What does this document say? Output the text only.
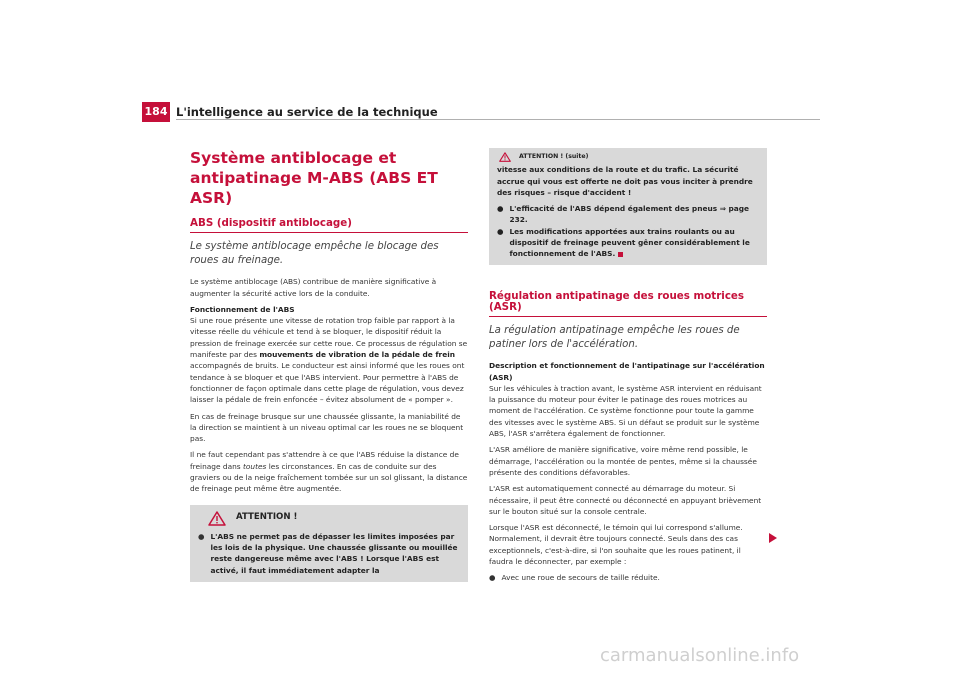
184 L'intelligence au service de la technique
Système antiblocage et antipatinage M-ABS (ABS ET ASR)
ABS (dispositif antiblocage)
Le système antiblocage empêche le blocage des roues au freinage.

Le système antiblocage (ABS) contribue de manière significative à augmenter la sécurité active lors de la conduite.

Fonctionnement de l'ABS

Si une roue présente une vitesse de rotation trop faible par rapport à la vitesse réelle du véhicule et tend à se bloquer, le dispositif réduit la pression de freinage exercée sur cette roue. Ce processus de régulation se manifeste par des mouvements de vibration de la pédale de frein accompagnés de bruits. Le conducteur est ainsi informé que les roues ont tendance à se bloquer et que l'ABS intervient. Pour permettre à l'ABS de fonctionner de façon optimale dans cette plage de régulation, vous devez laisser la pédale de frein enfoncée – évitez absolument de « pomper ».

En cas de freinage brusque sur une chaussée glissante, la maniabilité de la direction se maintient à un niveau optimal car les roues ne se bloquent pas.

Il ne faut cependant pas s'attendre à ce que l'ABS réduise la distance de freinage dans toutes les circonstances. En cas de conduite sur des graviers ou de la neige fraîchement tombée sur un sol glissant, la distance de freinage peut même être augmentée.

ATTENTION !
● L'ABS ne permet pas de dépasser les limites imposées par les lois de la physique. Une chaussée glissante ou mouillée reste dangereuse même avec l'ABS ! Lorsque l'ABS est activé, il faut immédiatement adapter la
ATTENTION ! (suite)

vitesse aux conditions de la route et du trafic. La sécurité accrue qui vous est offerte ne doit pas vous inciter à prendre des risques – risque d'accident !

● L'efficacité de l'ABS dépend également des pneus ⇒ page 232.
● Les modifications apportées aux trains roulants ou au dispositif de freinage peuvent gêner considérablement le fonctionnement de l'ABS.
Régulation antipatinage des roues motrices (ASR)
La régulation antipatinage empêche les roues de patiner lors de l'accélération.

Description et fonctionnement de l'antipatinage sur l'accélération (ASR)

Sur les véhicules à traction avant, le système ASR intervient en réduisant la puissance du moteur pour éviter le patinage des roues motrices au moment de l'accélération. Ce système fonctionne pour toute la gamme des vitesses avec le système ABS. Si un défaut se produit sur le système ABS, l'ASR s'arrêtera également de fonctionner.

L'ASR améliore de manière significative, voire même rend possible, le démarrage, l'accélération ou la montée de pentes, même si la chaussée présente des conditions défavorables.

L'ASR est automatiquement connecté au démarrage du moteur. Si nécessaire, il peut être connecté ou déconnecté en appuyant brièvement sur le bouton situé sur la console centrale.

Lorsque l'ASR est déconnecté, le témoin qui lui correspond s'allume. Normalement, il devrait être toujours connecté. Seuls dans des cas exceptionnels, c'est-à-dire, si l'on souhaite que les roues patinent, il faudra le déconnecter, par exemple :

● Avec une roue de secours de taille réduite.
carmanualsonline.info
